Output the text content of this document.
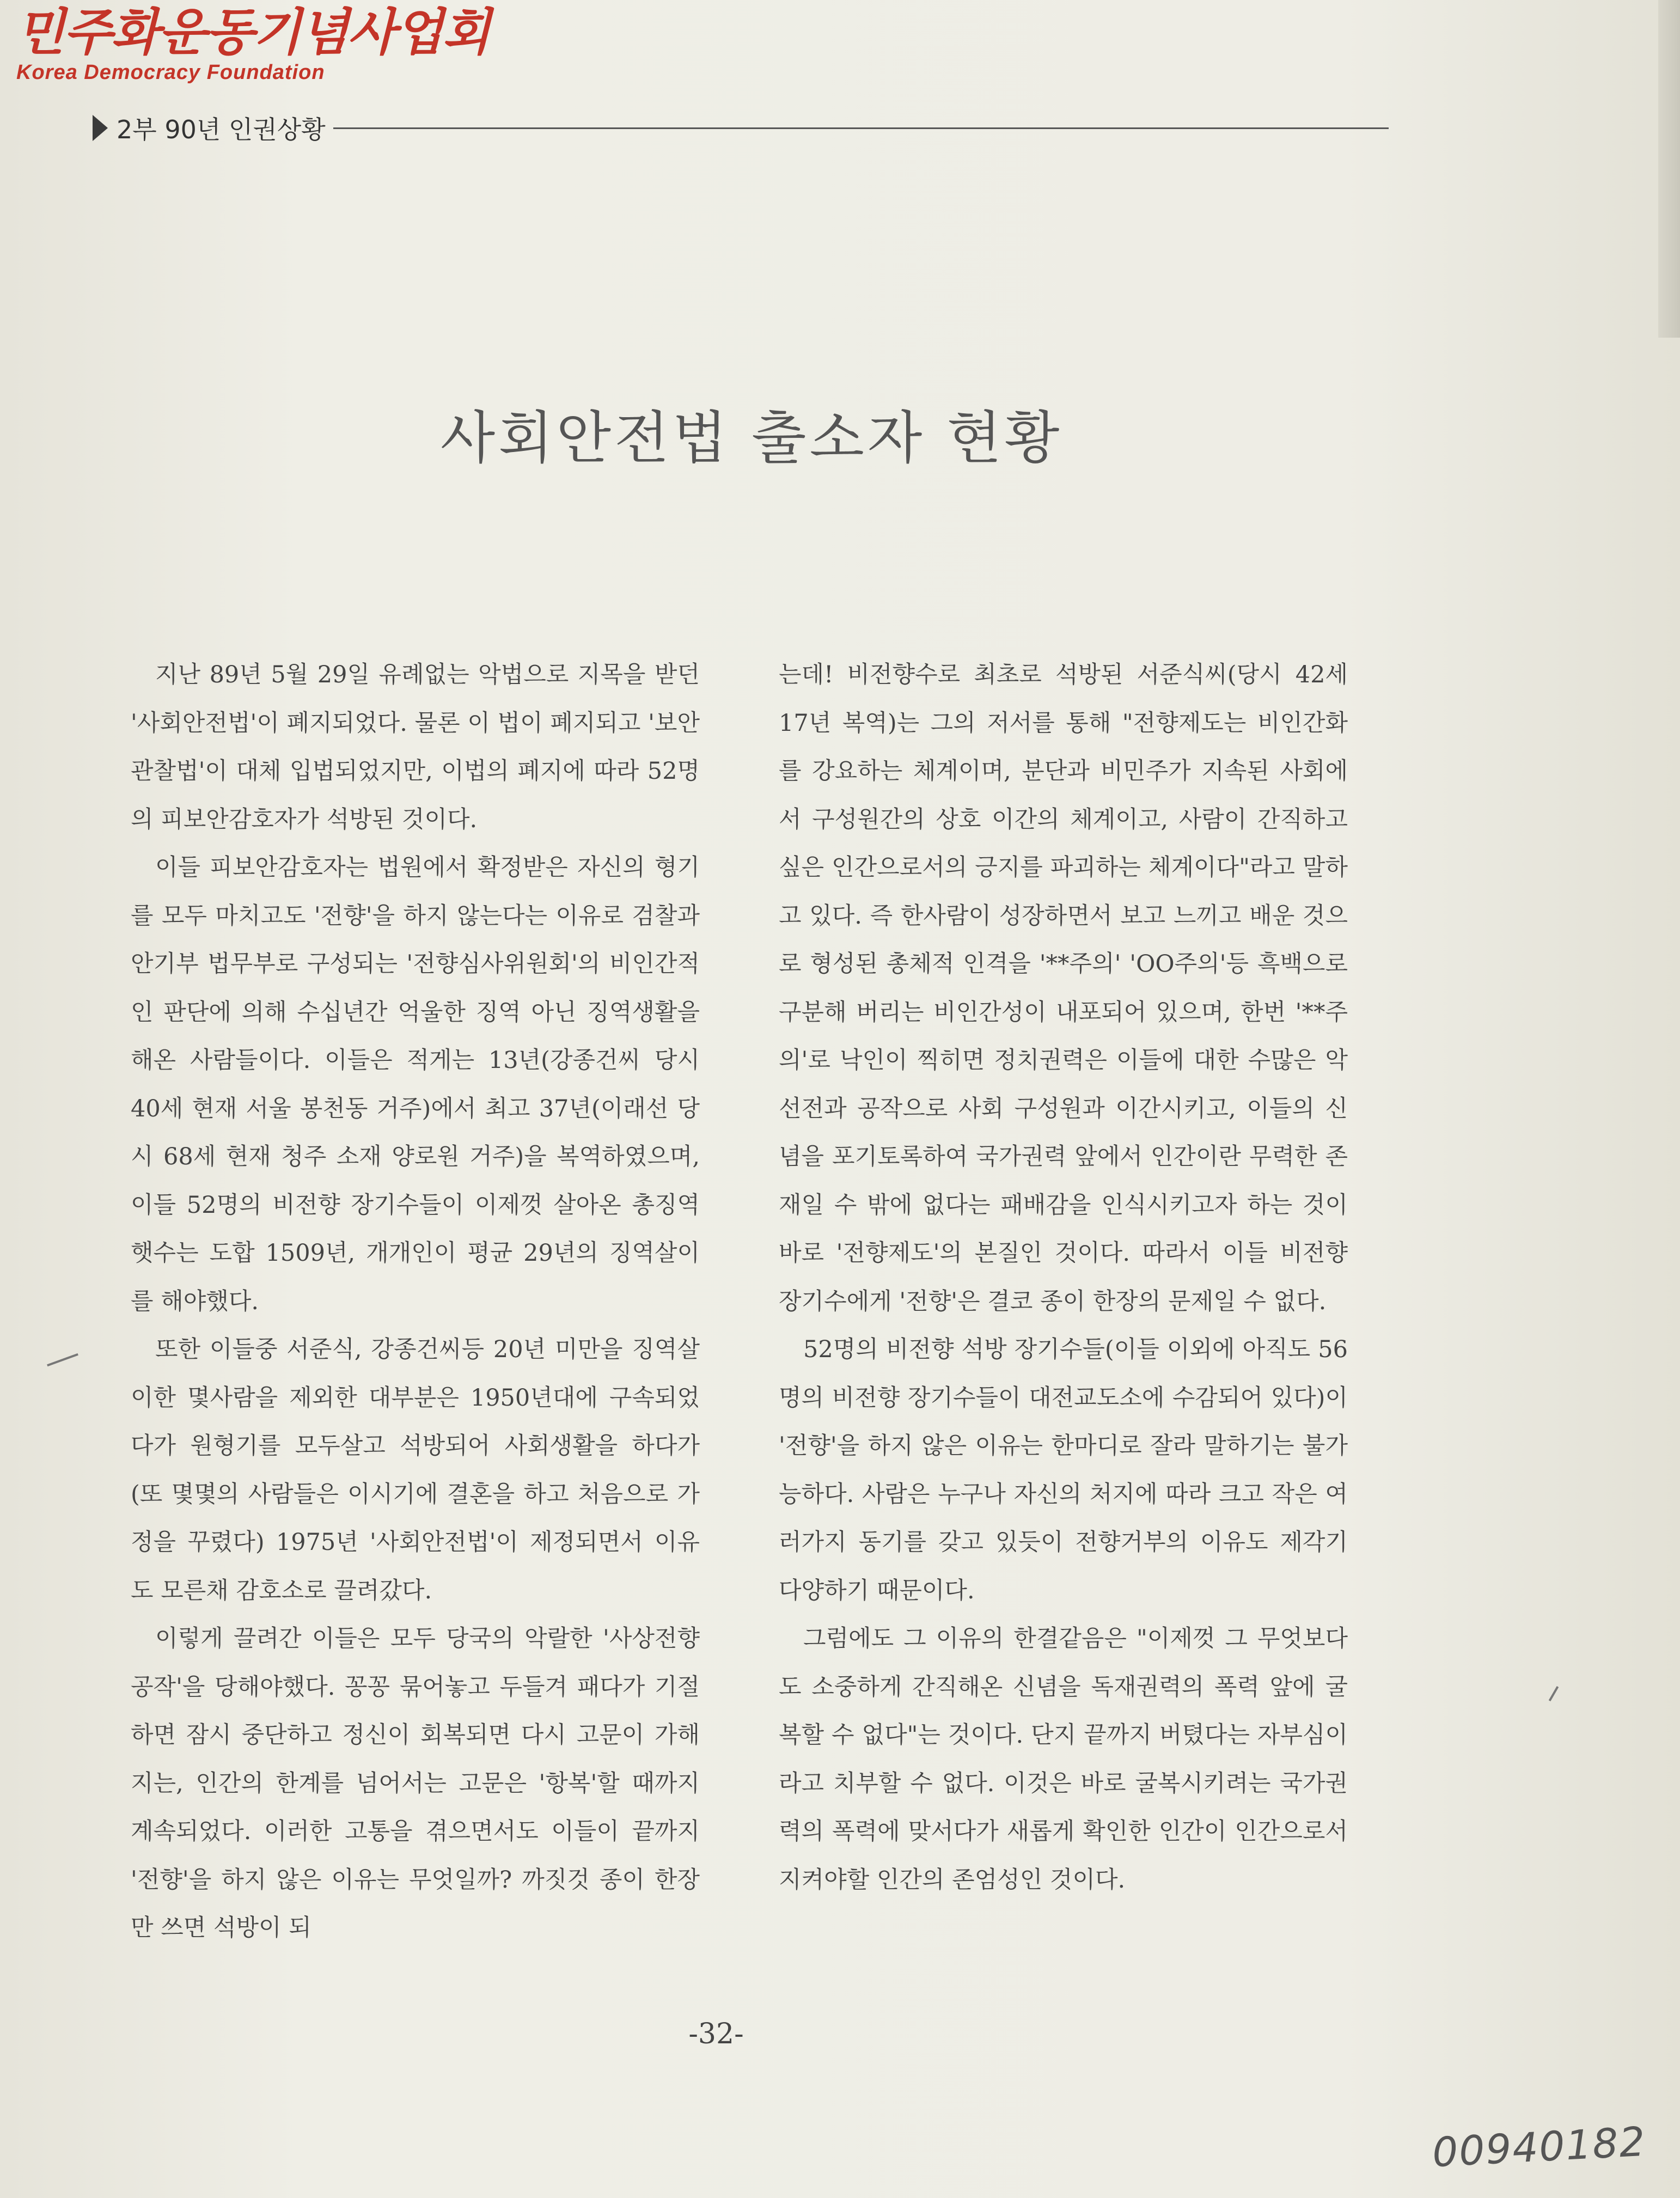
민주화운동기념사업회
Korea Democracy Foundation
2부 90년 인권상황
사회안전법 출소자 현황

지난 89년 5월 29일 유례없는 악법으로 지목을 받던 '사회안전법'이 폐지되었다. 물론 이 법이 폐지되고 '보안관찰법'이 대체 입법되었지만, 이법의 폐지에 따라 52명의 피보안감호자가 석방된 것이다.

이들 피보안감호자는 법원에서 확정받은 자신의 형기를 모두 마치고도 '전향'을 하지 않는다는 이유로 검찰과 안기부 법무부로 구성되는 '전향심사위원회'의 비인간적인 판단에 의해 수십년간 억울한 징역 아닌 징역생활을 해온 사람들이다. 이들은 적게는 13년(강종건씨 당시 40세 현재 서울 봉천동 거주)에서 최고 37년(이래선 당시 68세 현재 청주 소재 양로원 거주)을 복역하였으며, 이들 52명의 비전향 장기수들이 이제껏 살아온 총징역햇수는 도합 1509년, 개개인이 평균 29년의 징역살이를 해야했다.

또한 이들중 서준식, 강종건씨등 20년 미만을 징역살이한 몇사람을 제외한 대부분은 1950년대에 구속되었다가 원형기를 모두살고 석방되어 사회생활을 하다가 (또 몇몇의 사람들은 이시기에 결혼을 하고 처음으로 가정을 꾸렸다) 1975년 '사회안전법'이 제정되면서 이유도 모른채 감호소로 끌려갔다.

이렇게 끌려간 이들은 모두 당국의 악랄한 '사상전향공작'을 당해야했다. 꽁꽁 묶어놓고 두들겨 패다가 기절하면 잠시 중단하고 정신이 회복되면 다시 고문이 가해지는, 인간의 한계를 넘어서는 고문은 '항복'할 때까지 계속되었다. 이러한 고통을 겪으면서도 이들이 끝까지 '전향'을 하지 않은 이유는 무엇일까? 까짓것 종이 한장만 쓰면 석방이 되

는데! 비전향수로 최초로 석방된 서준식씨(당시 42세 17년 복역)는 그의 저서를 통해 "전향제도는 비인간화를 강요하는 체계이며, 분단과 비민주가 지속된 사회에서 구성원간의 상호 이간의 체계이고, 사람이 간직하고 싶은 인간으로서의 긍지를 파괴하는 체계이다"라고 말하고 있다. 즉 한사람이 성장하면서 보고 느끼고 배운 것으로 형성된 총체적 인격을 '**주의' 'OO주의'등 흑백으로 구분해 버리는 비인간성이 내포되어 있으며, 한번 '**주의'로 낙인이 찍히면 정치권력은 이들에 대한 수많은 악선전과 공작으로 사회 구성원과 이간시키고, 이들의 신념을 포기토록하여 국가권력 앞에서 인간이란 무력한 존재일 수 밖에 없다는 패배감을 인식시키고자 하는 것이 바로 '전향제도'의 본질인 것이다. 따라서 이들 비전향 장기수에게 '전향'은 결코 종이 한장의 문제일 수 없다.

52명의 비전향 석방 장기수들(이들 이외에 아직도 56명의 비전향 장기수들이 대전교도소에 수감되어 있다)이 '전향'을 하지 않은 이유는 한마디로 잘라 말하기는 불가능하다. 사람은 누구나 자신의 처지에 따라 크고 작은 여러가지 동기를 갖고 있듯이 전향거부의 이유도 제각기 다양하기 때문이다.

그럼에도 그 이유의 한결같음은 "이제껏 그 무엇보다도 소중하게 간직해온 신념을 독재권력의 폭력 앞에 굴복할 수 없다"는 것이다. 단지 끝까지 버텼다는 자부심이라고 치부할 수 없다. 이것은 바로 굴복시키려는 국가권력의 폭력에 맞서다가 새롭게 확인한 인간이 인간으로서 지켜야할 인간의 존엄성인 것이다.

-32-
00940182
